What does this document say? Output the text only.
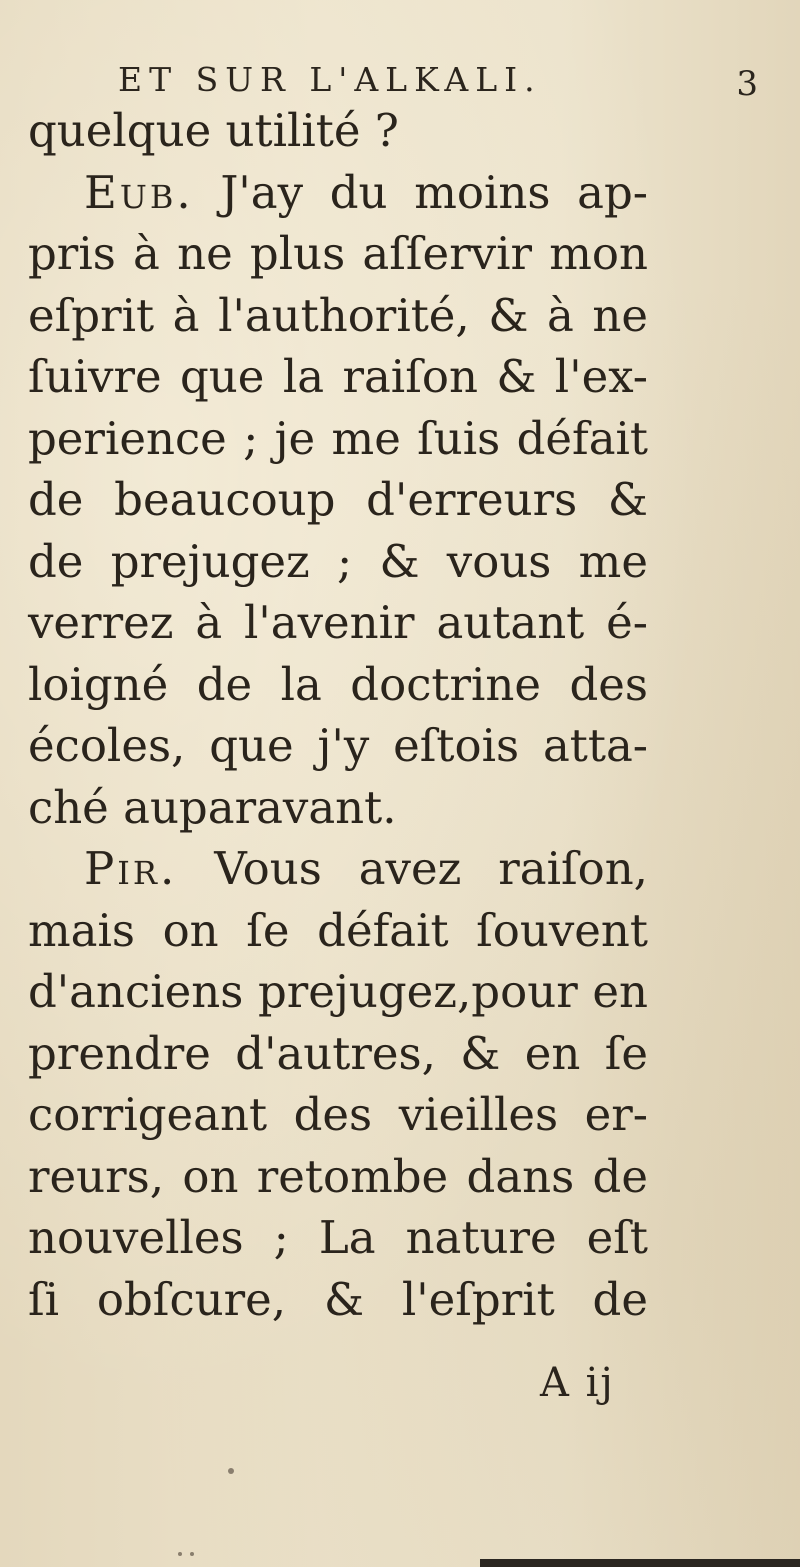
ET SUR L'ALKALI.	3
quelque utilité ?
Eub. J'ay du moins ap-
pris à ne plus aſſervir mon
eſprit à l'authorité, & à ne
ſuivre que la raiſon & l'ex-
perience ; je me ſuis défait
de beaucoup d'erreurs &
de prejugez ; & vous me
verrez à l'avenir autant é-
loigné de la doctrine des
écoles, que j'y eſtois atta-
ché auparavant.
Pir. Vous avez raiſon,
mais on ſe défait ſouvent
d'anciens prejugez,pour en
prendre d'autres, & en ſe
corrigeant des vieilles er-
reurs, on retombe dans de
nouvelles ; La nature eſt
ſi obſcure, & l'eſprit de
A ij
